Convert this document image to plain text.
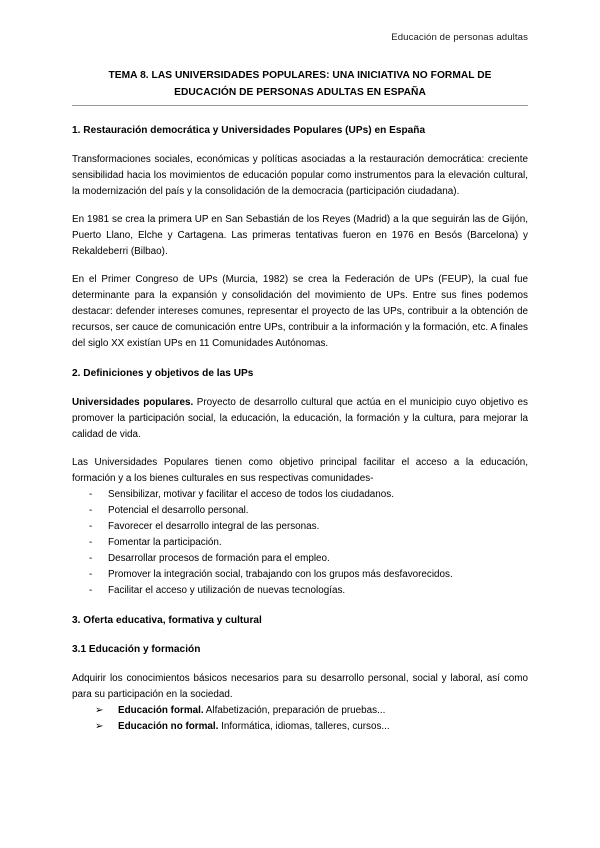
Educación de personas adultas
TEMA 8. LAS UNIVERSIDADES POPULARES: UNA INICIATIVA NO FORMAL DE
EDUCACIÓN DE PERSONAS ADULTAS EN ESPAÑA
1. Restauración democrática y Universidades Populares (UPs) en España

Transformaciones sociales, económicas y políticas asociadas a la restauración democrática: creciente sensibilidad hacia los movimientos de educación popular como instrumentos para la elevación cultural, la modernización del país y la consolidación de la democracia (participación ciudadana).

En 1981 se crea la primera UP en San Sebastián de los Reyes (Madrid) a la que seguirán las de Gijón, Puerto Llano, Elche y Cartagena. Las primeras tentativas fueron en 1976 en Besós (Barcelona) y Rekaldeberri (Bilbao).

En el Primer Congreso de UPs (Murcia, 1982) se crea la Federación de UPs (FEUP), la cual fue determinante para la expansión y consolidación del movimiento de UPs. Entre sus fines podemos destacar: defender intereses comunes, representar el proyecto de las UPs, contribuir a la obtención de recursos, ser cauce de comunicación entre UPs, contribuir a la información y la formación, etc. A finales del siglo XX existían UPs en 11 Comunidades Autónomas.

2. Definiciones y objetivos de las UPs

Universidades populares. Proyecto de desarrollo cultural que actúa en el municipio cuyo objetivo es promover la participación social, la educación, la educación, la formación y la cultura, para mejorar la calidad de vida.

Las Universidades Populares tienen como objetivo principal facilitar el acceso a la educación, formación y a los bienes culturales en sus respectivas comunidades-

- Sensibilizar, motivar y facilitar el acceso de todos los ciudadanos.
- Potencial el desarrollo personal.
- Favorecer el desarrollo integral de las personas.
- Fomentar la participación.
- Desarrollar procesos de formación para el empleo.
- Promover la integración social, trabajando con los grupos más desfavorecidos.
- Facilitar el acceso y utilización de nuevas tecnologías.
3. Oferta educativa, formativa y cultural
3.1 Educación y formación

Adquirir los conocimientos básicos necesarios para su desarrollo personal, social y laboral, así como para su participación en la sociedad.

➢ Educación formal. Alfabetización, preparación de pruebas...
➢ Educación no formal. Informática, idiomas, talleres, cursos...
